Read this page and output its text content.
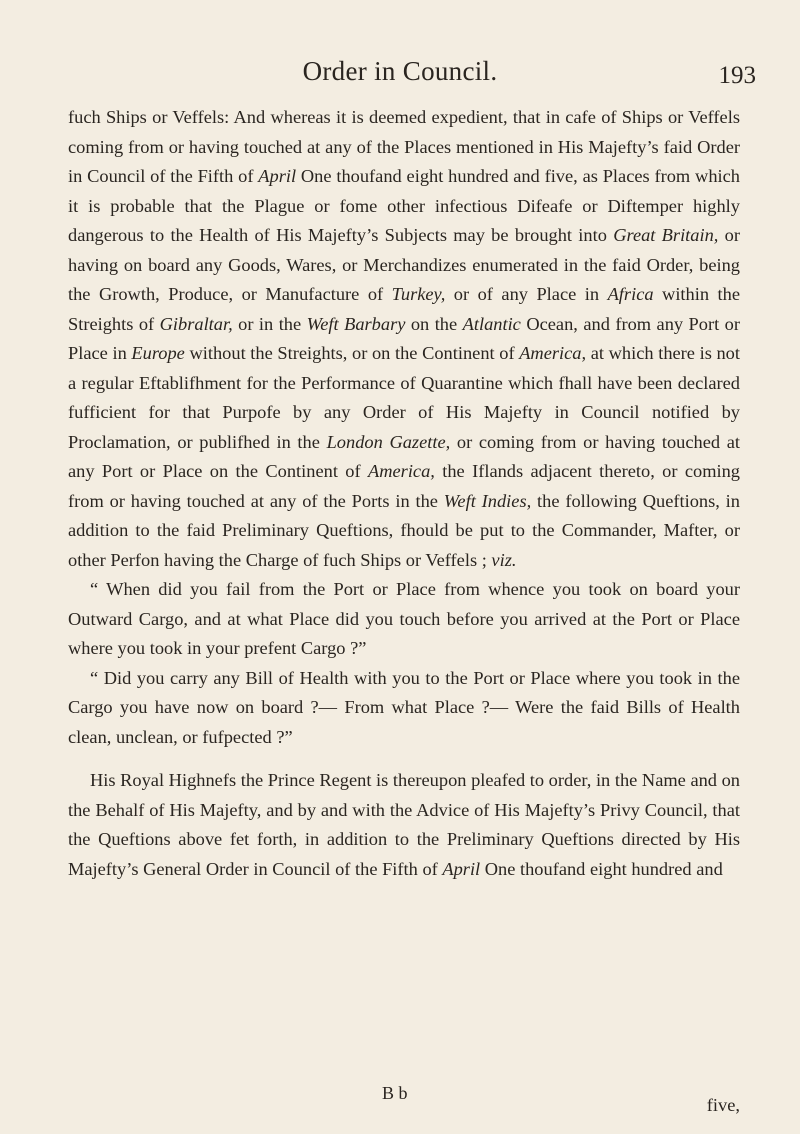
Order in Council.	193

fuch Ships or Veffels: And whereas it is deemed expedient, that in cafe of Ships or Veffels coming from or having touched at any of the Places mentioned in His Majefty’s faid Order in Council of the Fifth of April One thoufand eight hundred and five, as Places from which it is probable that the Plague or fome other infectious Difeafe or Diftemper highly dangerous to the Health of His Majefty’s Subjects may be brought into Great Britain, or having on board any Goods, Wares, or Merchandizes enumerated in the faid Order, being the Growth, Produce, or Manufacture of Turkey, or of any Place in Africa within the Streights of Gibraltar, or in the Weft Barbary on the Atlantic Ocean, and from any Port or Place in Europe without the Streights, or on the Continent of America, at which there is not a regular Eftablifhment for the Performance of Quarantine which fhall have been declared fufficient for that Purpofe by any Order of His Majefty in Council notified by Proclamation, or publifhed in the London Gazette, or coming from or having touched at any Port or Place on the Continent of America, the Iflands adjacent thereto, or coming from or having touched at any of the Ports in the Weft Indies, the following Queftions, in addition to the faid Preliminary Queftions, fhould be put to the Commander, Mafter, or other Perfon having the Charge of fuch Ships or Veffels ; viz.

“ When did you fail from the Port or Place from whence you took on board your Outward Cargo, and at what Place did you touch before you arrived at the Port or Place where you took in your prefent Cargo ?”

“ Did you carry any Bill of Health with you to the Port or Place where you took in the Cargo you have now on board ?— From what Place ?— Were the faid Bills of Health clean, unclean, or fufpected ?”

His Royal Highnefs the Prince Regent is thereupon pleafed to order, in the Name and on the Behalf of His Majefty, and by and with the Advice of His Majefty’s Privy Council, that the Queftions above fet forth, in addition to the Preliminary Queftions directed by His Majefty’s General Order in Council of the Fifth of April One thoufand eight hundred and

B b
five,
